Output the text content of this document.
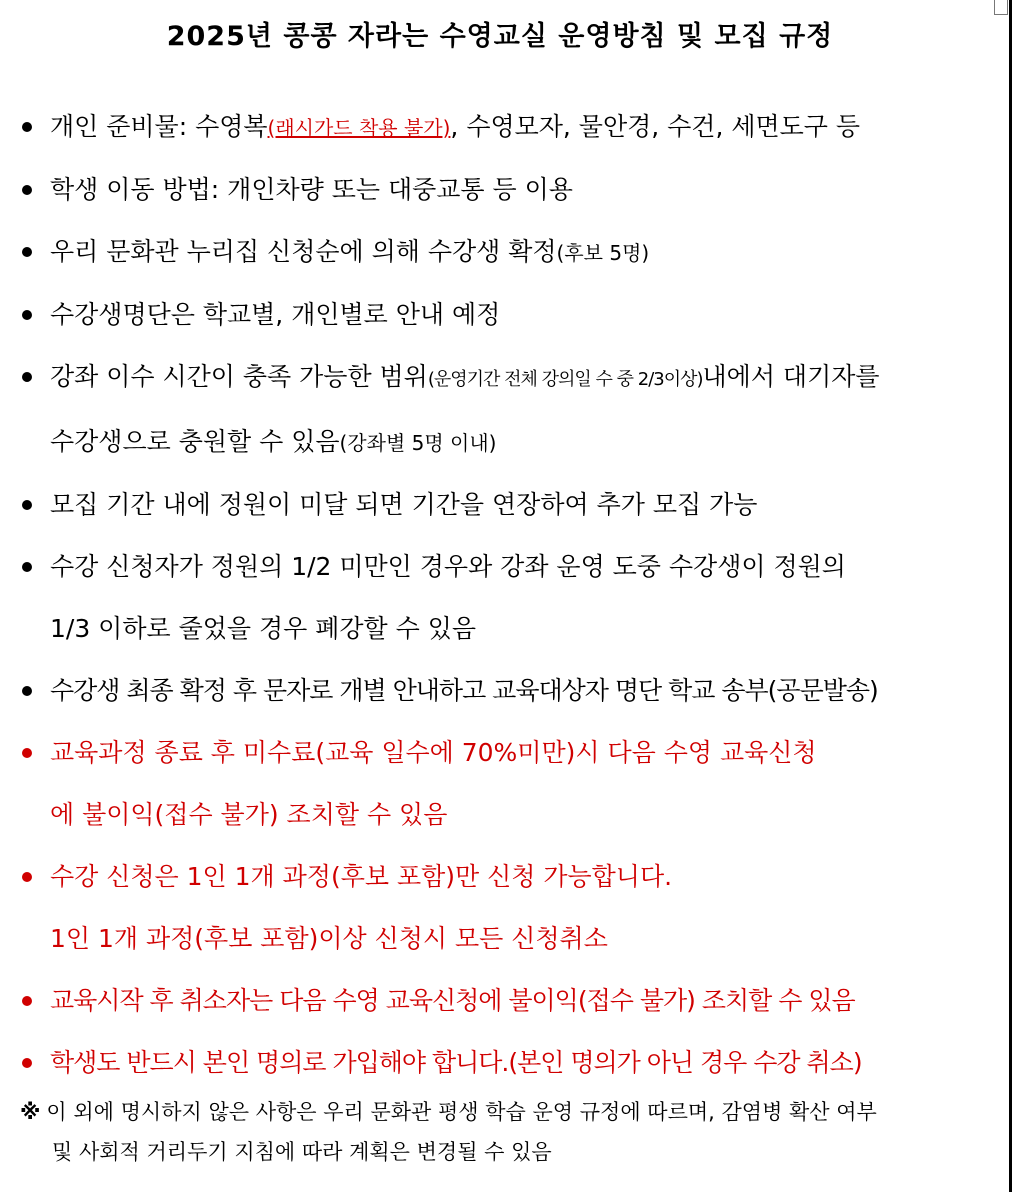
2025년 콩콩 자라는 수영교실 운영방침 및 모집 규정
개인 준비물: 수영복(래시가드 착용 불가), 수영모자, 물안경, 수건, 세면도구 등
학생 이동 방법: 개인차량 또는 대중교통 등 이용
우리 문화관 누리집 신청순에 의해 수강생 확정(후보 5명)
수강생명단은 학교별, 개인별로 안내 예정
강좌 이수 시간이 충족 가능한 범위(운영기간 전체 강의일 수 중 2/3이상)내에서 대기자를
수강생으로 충원할 수 있음(강좌별 5명 이내)
모집 기간 내에 정원이 미달 되면 기간을 연장하여 추가 모집 가능
수강 신청자가 정원의 1/2 미만인 경우와 강좌 운영 도중 수강생이 정원의
1/3 이하로 줄었을 경우 폐강할 수 있음
수강생 최종 확정 후 문자로 개별 안내하고 교육대상자 명단 학교 송부(공문발송)
교육과정 종료 후 미수료(교육 일수에 70%미만)시 다음 수영 교육신청
에 불이익(접수 불가) 조치할 수 있음
수강 신청은 1인 1개 과정(후보 포함)만 신청 가능합니다.
1인 1개 과정(후보 포함)이상 신청시 모든 신청취소
교육시작 후 취소자는 다음 수영 교육신청에 불이익(접수 불가) 조치할 수 있음
학생도 반드시 본인 명의로 가입해야 합니다.(본인 명의가 아닌 경우 수강 취소)
※ 이 외에 명시하지 않은 사항은 우리 문화관 평생 학습 운영 규정에 따르며, 감염병 확산 여부
및 사회적 거리두기 지침에 따라 계획은 변경될 수 있음
